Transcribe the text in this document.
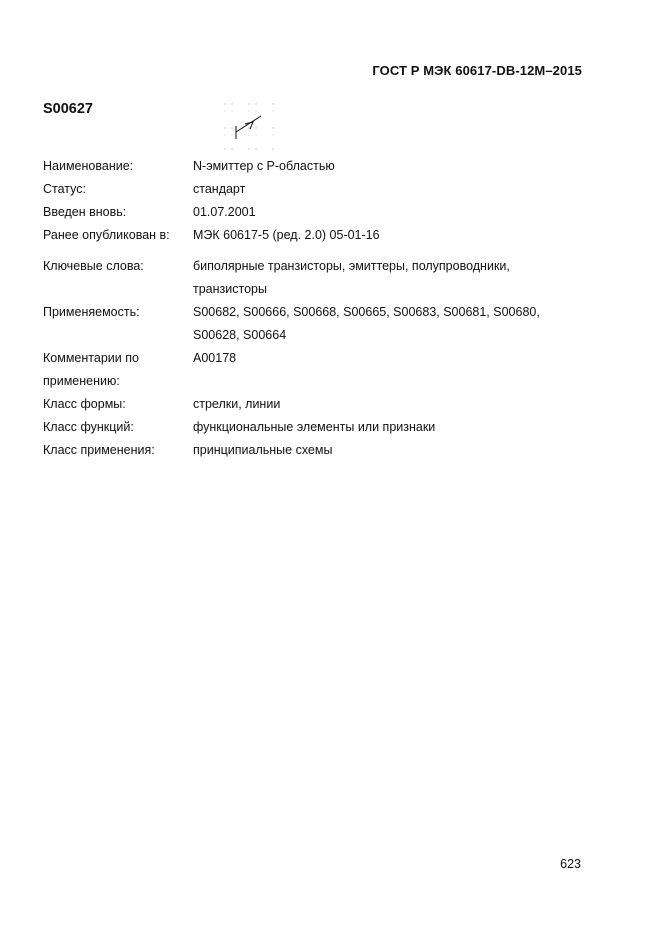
ГОСТ Р МЭК 60617-DB-12M–2015
S00627
Наименование:	N-эмиттер с P-областью
Статус:	стандарт
Введен вновь:	01.07.2001
Ранее опубликован в:	МЭК 60617-5 (ред. 2.0) 05-01-16
Ключевые слова:	биполярные транзисторы, эмиттеры, полупроводники, транзисторы
Применяемость:	S00682, S00666, S00668, S00665, S00683, S00681, S00680, S00628, S00664
Комментарии по применению:
A00178
Класс формы:	стрелки, линии
Класс функций:	функциональные элементы или признаки
Класс применения:	принципиальные схемы
623
